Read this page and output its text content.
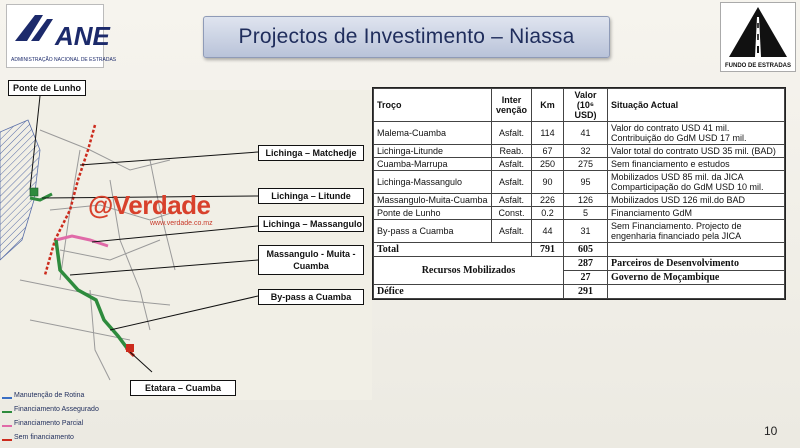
ANE
ADMINISTRAÇÃO NACIONAL DE ESTRADAS
Projectos de Investimento – Niassa
FUNDO DE ESTRADAS
Ponte de Lunho
Lichinga – Matchedje
Lichinga – Litunde
Lichinga – Massangulo
Massangulo - Muita -
Cuamba
By-pass a Cuamba
Etatara – Cuamba
@Verdade
www.verdade.co.mz
Manutenção de Rotina
Financiamento Assegurado
Financiamento Parcial
Sem financiamento
Troço	Inter venção	Km	Valor (10⁶ USD)	Situação Actual
Malema-Cuamba	Asfalt.	114	41	Valor do contrato USD 41 mil. Contribuição do GdM USD 17 mil.
Lichinga-Litunde	Reab.	67	32	Valor total do contrato USD 35 mil. (BAD)
Cuamba-Marrupa	Asfalt.	250	275	Sem financiamento e estudos
Lichinga-Massangulo	Asfalt.	90	95	Mobilizados USD 85 mil. da JICA Comparticipação do GdM USD 10 mil.
Massangulo-Muita-Cuamba	Asfalt.	226	126	Mobilizados USD 126 mil.do BAD
Ponte de Lunho	Const.	0.2	5	Financiamento GdM
By-pass a Cuamba	Asfalt.	44	31	Sem Financiamento. Projecto de engenharia financiado pela JICA
Total		791	605	
Recursos Mobilizados			287	Parceiros de Desenvolvimento
			27	Governo de Moçambique
Défice			291	
10
